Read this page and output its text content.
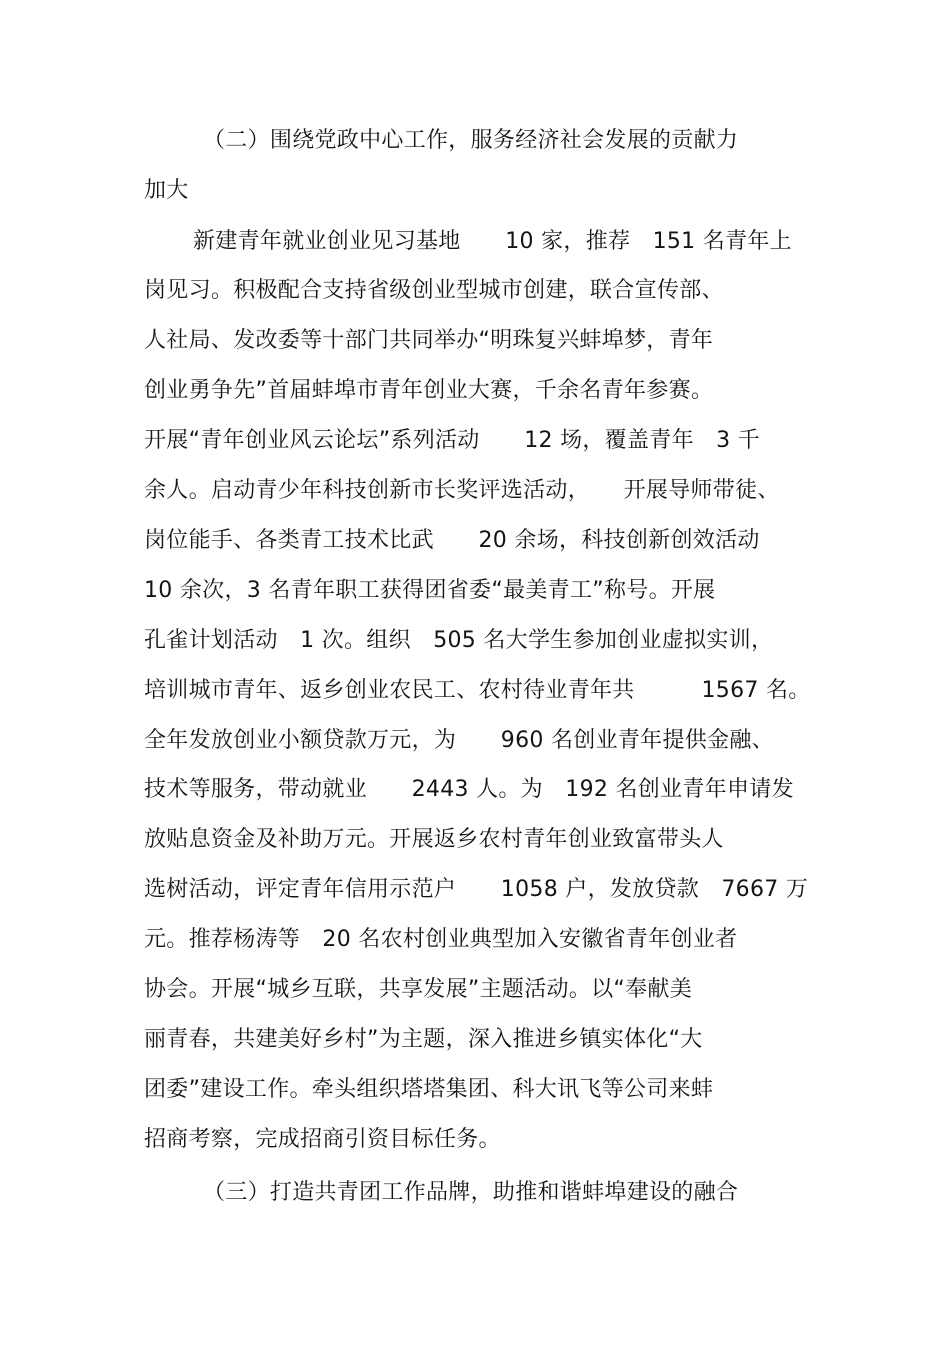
（二）围绕党政中心工作，服务经济社会发展的贡献力
加大
新建青年就业创业见习基地　　10 家，推荐　151 名青年上
岗见习。积极配合支持省级创业型城市创建，联合宣传部、
人社局、发改委等十部门共同举办“明珠复兴蚌埠梦，青年
创业勇争先”首届蚌埠市青年创业大赛，千余名青年参赛。
开展“青年创业风云论坛”系列活动　　12 场，覆盖青年　3 千
余人。启动青少年科技创新市长奖评选活动，　　开展导师带徒、
岗位能手、各类青工技术比武　　20 余场，科技创新创效活动
10 余次，3 名青年职工获得团省委“最美青工”称号。开展
孔雀计划活动　1 次。组织　505 名大学生参加创业虚拟实训，
培训城市青年、返乡创业农民工、农村待业青年共　　　1567 名。
全年发放创业小额贷款万元，为　　960 名创业青年提供金融、
技术等服务，带动就业　　2443 人。为　192 名创业青年申请发
放贴息资金及补助万元。开展返乡农村青年创业致富带头人
选树活动，评定青年信用示范户　　1058 户，发放贷款　7667 万
元。推荐杨涛等　20 名农村创业典型加入安徽省青年创业者
协会。开展“城乡互联，共享发展”主题活动。以“奉献美
丽青春，共建美好乡村”为主题，深入推进乡镇实体化“大
团委”建设工作。牵头组织塔塔集团、科大讯飞等公司来蚌
招商考察，完成招商引资目标任务。
（三）打造共青团工作品牌，助推和谐蚌埠建设的融合
